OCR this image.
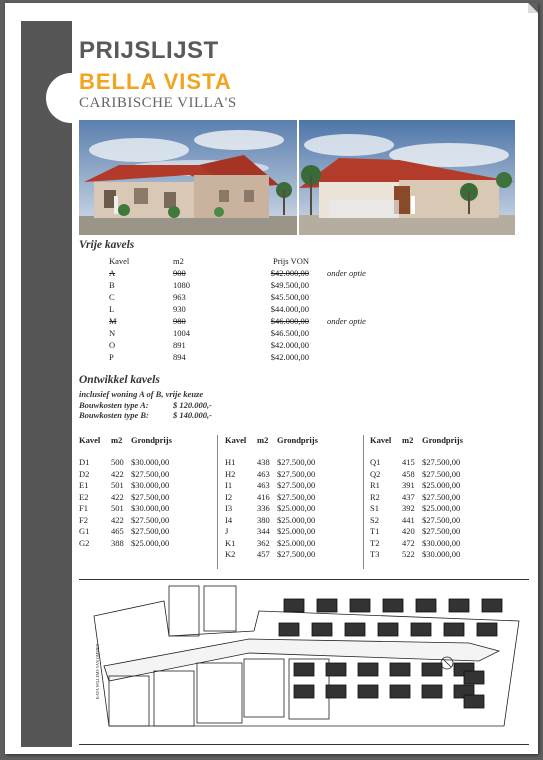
PRIJSLIJST
BELLA VISTA
CARIBISCHE VILLA'S
Vrije kavels
Kavel	m2	Prijs VON	
A	900	$42.000,00	onder optie
B	1080	$49.500,00	
C	963	$45.500,00	
L	930	$44.000,00	
M	980	$46.000,00	onder optie
N	1004	$46.500,00	
O	891	$42.000,00	
P	894	$42.000,00	
Ontwikkel kavels
inclusief woning A of B, vrije keuze
Bouwkosten type A:	$ 120.000,-
Bouwkosten type B:	$ 140.000,-
Kavel m2 Grondprijs
D1	500 $30.000,00
D2	422 $27.500,00
E1	501 $30.000,00
E2	422 $27.500,00
F1	501 $30.000,00
F2	422 $27.500,00
G1	465 $27.500,00
G2	388 $25.000,00
Kavel m2 Grondprijs
H1	438 $27.500,00
H2	463 $27.500,00
I1	463 $27.500,00
I2	416 $27.500,00
I3	336 $25.000,00
I4	380 $25.000,00
J	344 $25.000,00
K1	362 $25.000,00
K2	457 $27.500,00
Kavel m2 Grondprijs
Q1	415 $27.500,00
Q2	458 $27.500,00
R1	391 $25.000,00
R2	437 $27.500,00
S1	392 $25.000,00
S2	441 $27.500,00
T1	420 $27.500,00
T2	472 $30.000,00
T3	522 $30.000,00
KAYA WILLEMS VAN OMMEN
